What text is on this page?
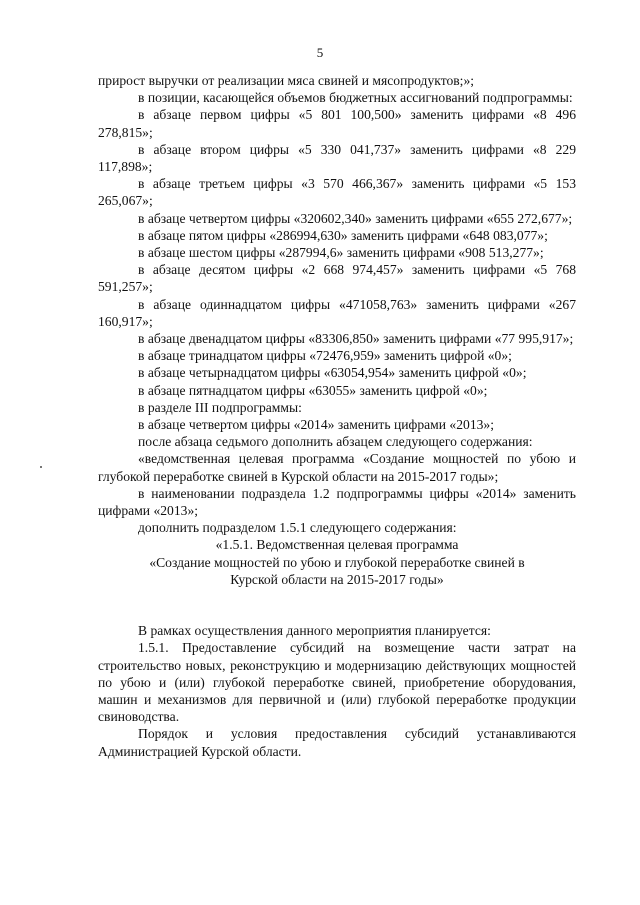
5

прирост выручки от реализации мяса свиней и мясопродуктов;»;

в позиции, касающейся объемов бюджетных ассигнований подпрограммы:

в абзаце первом цифры «5 801 100,500» заменить цифрами «8 496 278,815»;

в абзаце втором цифры «5 330 041,737» заменить цифрами «8 229 117,898»;

в абзаце третьем цифры «3 570 466,367» заменить цифрами «5 153 265,067»;

в абзаце четвертом цифры «320602,340» заменить цифрами «655 272,677»;

в абзаце пятом цифры «286994,630» заменить цифрами «648 083,077»;

в абзаце шестом цифры «287994,6» заменить цифрами «908 513,277»;

в абзаце десятом цифры «2 668 974,457» заменить цифрами «5 768 591,257»;

в абзаце одиннадцатом цифры «471058,763» заменить цифрами «267 160,917»;

в абзаце двенадцатом цифры «83306,850» заменить цифрами «77 995,917»;

в абзаце тринадцатом цифры «72476,959» заменить цифрой «0»;

в абзаце четырнадцатом цифры «63054,954» заменить цифрой «0»;

в абзаце пятнадцатом цифры «63055» заменить цифрой «0»;

в разделе III подпрограммы:

в абзаце четвертом цифры «2014» заменить цифрами «2013»;

после абзаца седьмого дополнить абзацем следующего содержания:

«ведомственная целевая программа «Создание мощностей по убою и глубокой переработке свиней в Курской области на 2015-2017 годы»;

в наименовании подраздела 1.2 подпрограммы цифры «2014» заменить цифрами «2013»;

дополнить подразделом 1.5.1 следующего содержания:

«1.5.1. Ведомственная целевая программа

«Создание мощностей по убою и глубокой переработке свиней в

Курской области на 2015-2017 годы»

В рамках осуществления данного мероприятия планируется:

1.5.1. Предоставление субсидий на возмещение части затрат на строительство новых, реконструкцию и модернизацию действующих мощностей по убою и (или) глубокой переработке свиней, приобретение оборудования, машин и механизмов для первичной и (или) глубокой переработке продукции свиноводства.

Порядок и условия предоставления субсидий устанавливаются Администрацией Курской области.
